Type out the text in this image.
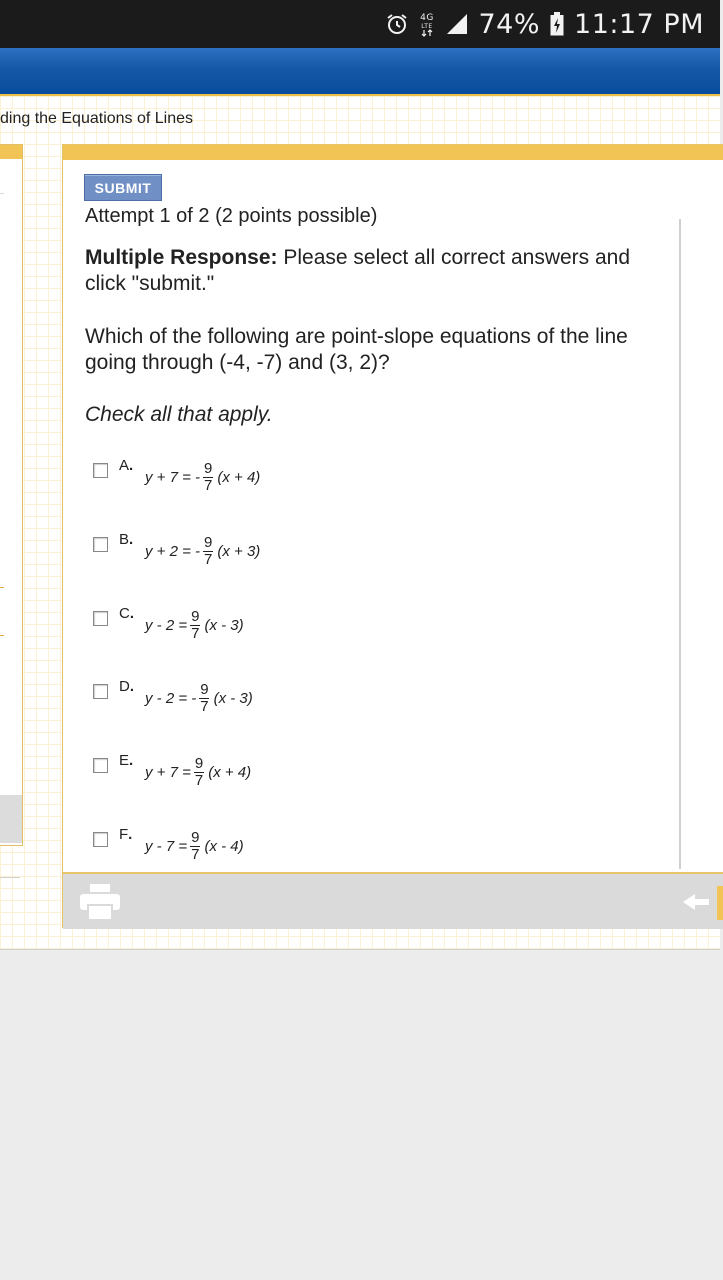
4G
LTE 74% 11:17 PM
ding the Equations of Lines
SUBMIT
Attempt 1 of 2 (2 points possible)
Multiple Response: Please select all correct answers and click "submit."
Which of the following are point-slope equations of the line going through (-4, -7) and (3, 2)?
Check all that apply.
A.
y + 7 = - $\frac{9}{7} (x + 4)$
B.
y + 2 = - $\frac{9}{7} (x + 3)$
C.
$y - 2 = \frac{9}{7} (x - 3)$
D.
y - 2 = - $\frac{9}{7} (x - 3)$
E.
$y + 7 = \frac{9}{7} (x + 4)$
F.
$y - 7 = \frac{9}{7} (x - 4)$
